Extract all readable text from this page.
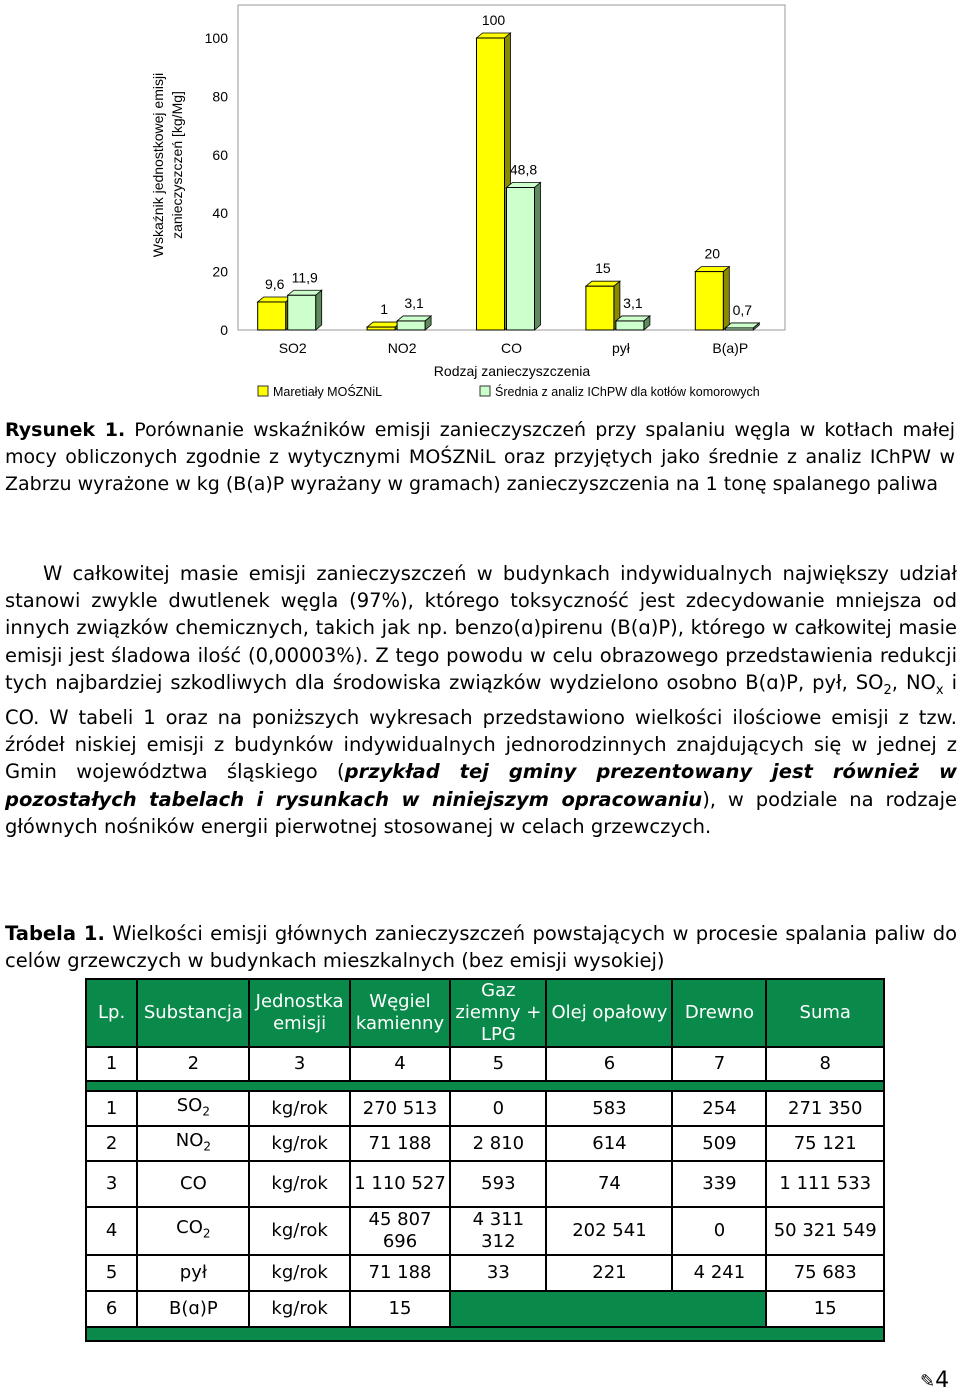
Wskaźnik jednostkowej emisji zanieczyszczeń [kg/Mg]
0
20
40
60
80
100
9,6 11,9
1 3,1
100
48,8
15
3,1
20
0,7
SO2	NO2	CO	pył	B(a)P
Rodzaj zanieczyszczenia
Maretiały MOŚZNiL	Średnia z analiz IChPW dla kotłów komorowych
Rysunek 1. Porównanie wskaźników emisji zanieczyszczeń przy spalaniu węgla w kotłach małej mocy obliczonych zgodnie z wytycznymi MOŚZNiL oraz przyjętych jako średnie z analiz IChPW w Zabrzu wyrażone w kg (B(a)P wyrażany w gramach) zanieczyszczenia na 1 tonę spalanego paliwa
W całkowitej masie emisji zanieczyszczeń w budynkach indywidualnych największy udział stanowi zwykle dwutlenek węgla (97%), którego toksyczność jest zdecydowanie mniejsza od innych związków chemicznych, takich jak np. benzo(ɑ)pirenu (B(ɑ)P), którego w całkowitej masie emisji jest śladowa ilość (0,00003%). Z tego powodu w celu obrazowego przedstawienia redukcji tych najbardziej szkodliwych dla środowiska związków wydzielono osobno B(ɑ)P, pył, $SO_2$, $NO_x$ i CO. W tabeli 1 oraz na poniższych wykresach przedstawiono wielkości ilościowe emisji z tzw. źródeł niskiej emisji z budynków indywidualnych jednorodzinnych znajdujących się w jednej z Gmin województwa śląskiego (przykład tej gminy prezentowany jest również w pozostałych tabelach i rysunkach w niniejszym opracowaniu), w podziale na rodzaje głównych nośników energii pierwotnej stosowanej w celach grzewczych.
Tabela 1. Wielkości emisji głównych zanieczyszczeń powstających w procesie spalania paliw do celów grzewczych w budynkach mieszkalnych (bez emisji wysokiej)
Lp.	Substancja	Jednostka emisji	Węgiel kamienny	Gaz ziemny + LPG	Olej opałowy	Drewno	Suma
1	2	3	4	5	6	7	8

1	$SO_2$	kg/rok	270 513	0	583	254	271 350
2	$NO_2$	kg/rok	71 188	2 810	614	509	75 121
3	CO	kg/rok	1 110 527	593	74	339	1 111 533
4	$CO_2$	kg/rok	45 807 696	4 311 312	202 541	0	50 321 549
5	pył	kg/rok	71 188	33	221	4 241	75 683
6	B(ɑ)P	kg/rok	15				15

✎4
